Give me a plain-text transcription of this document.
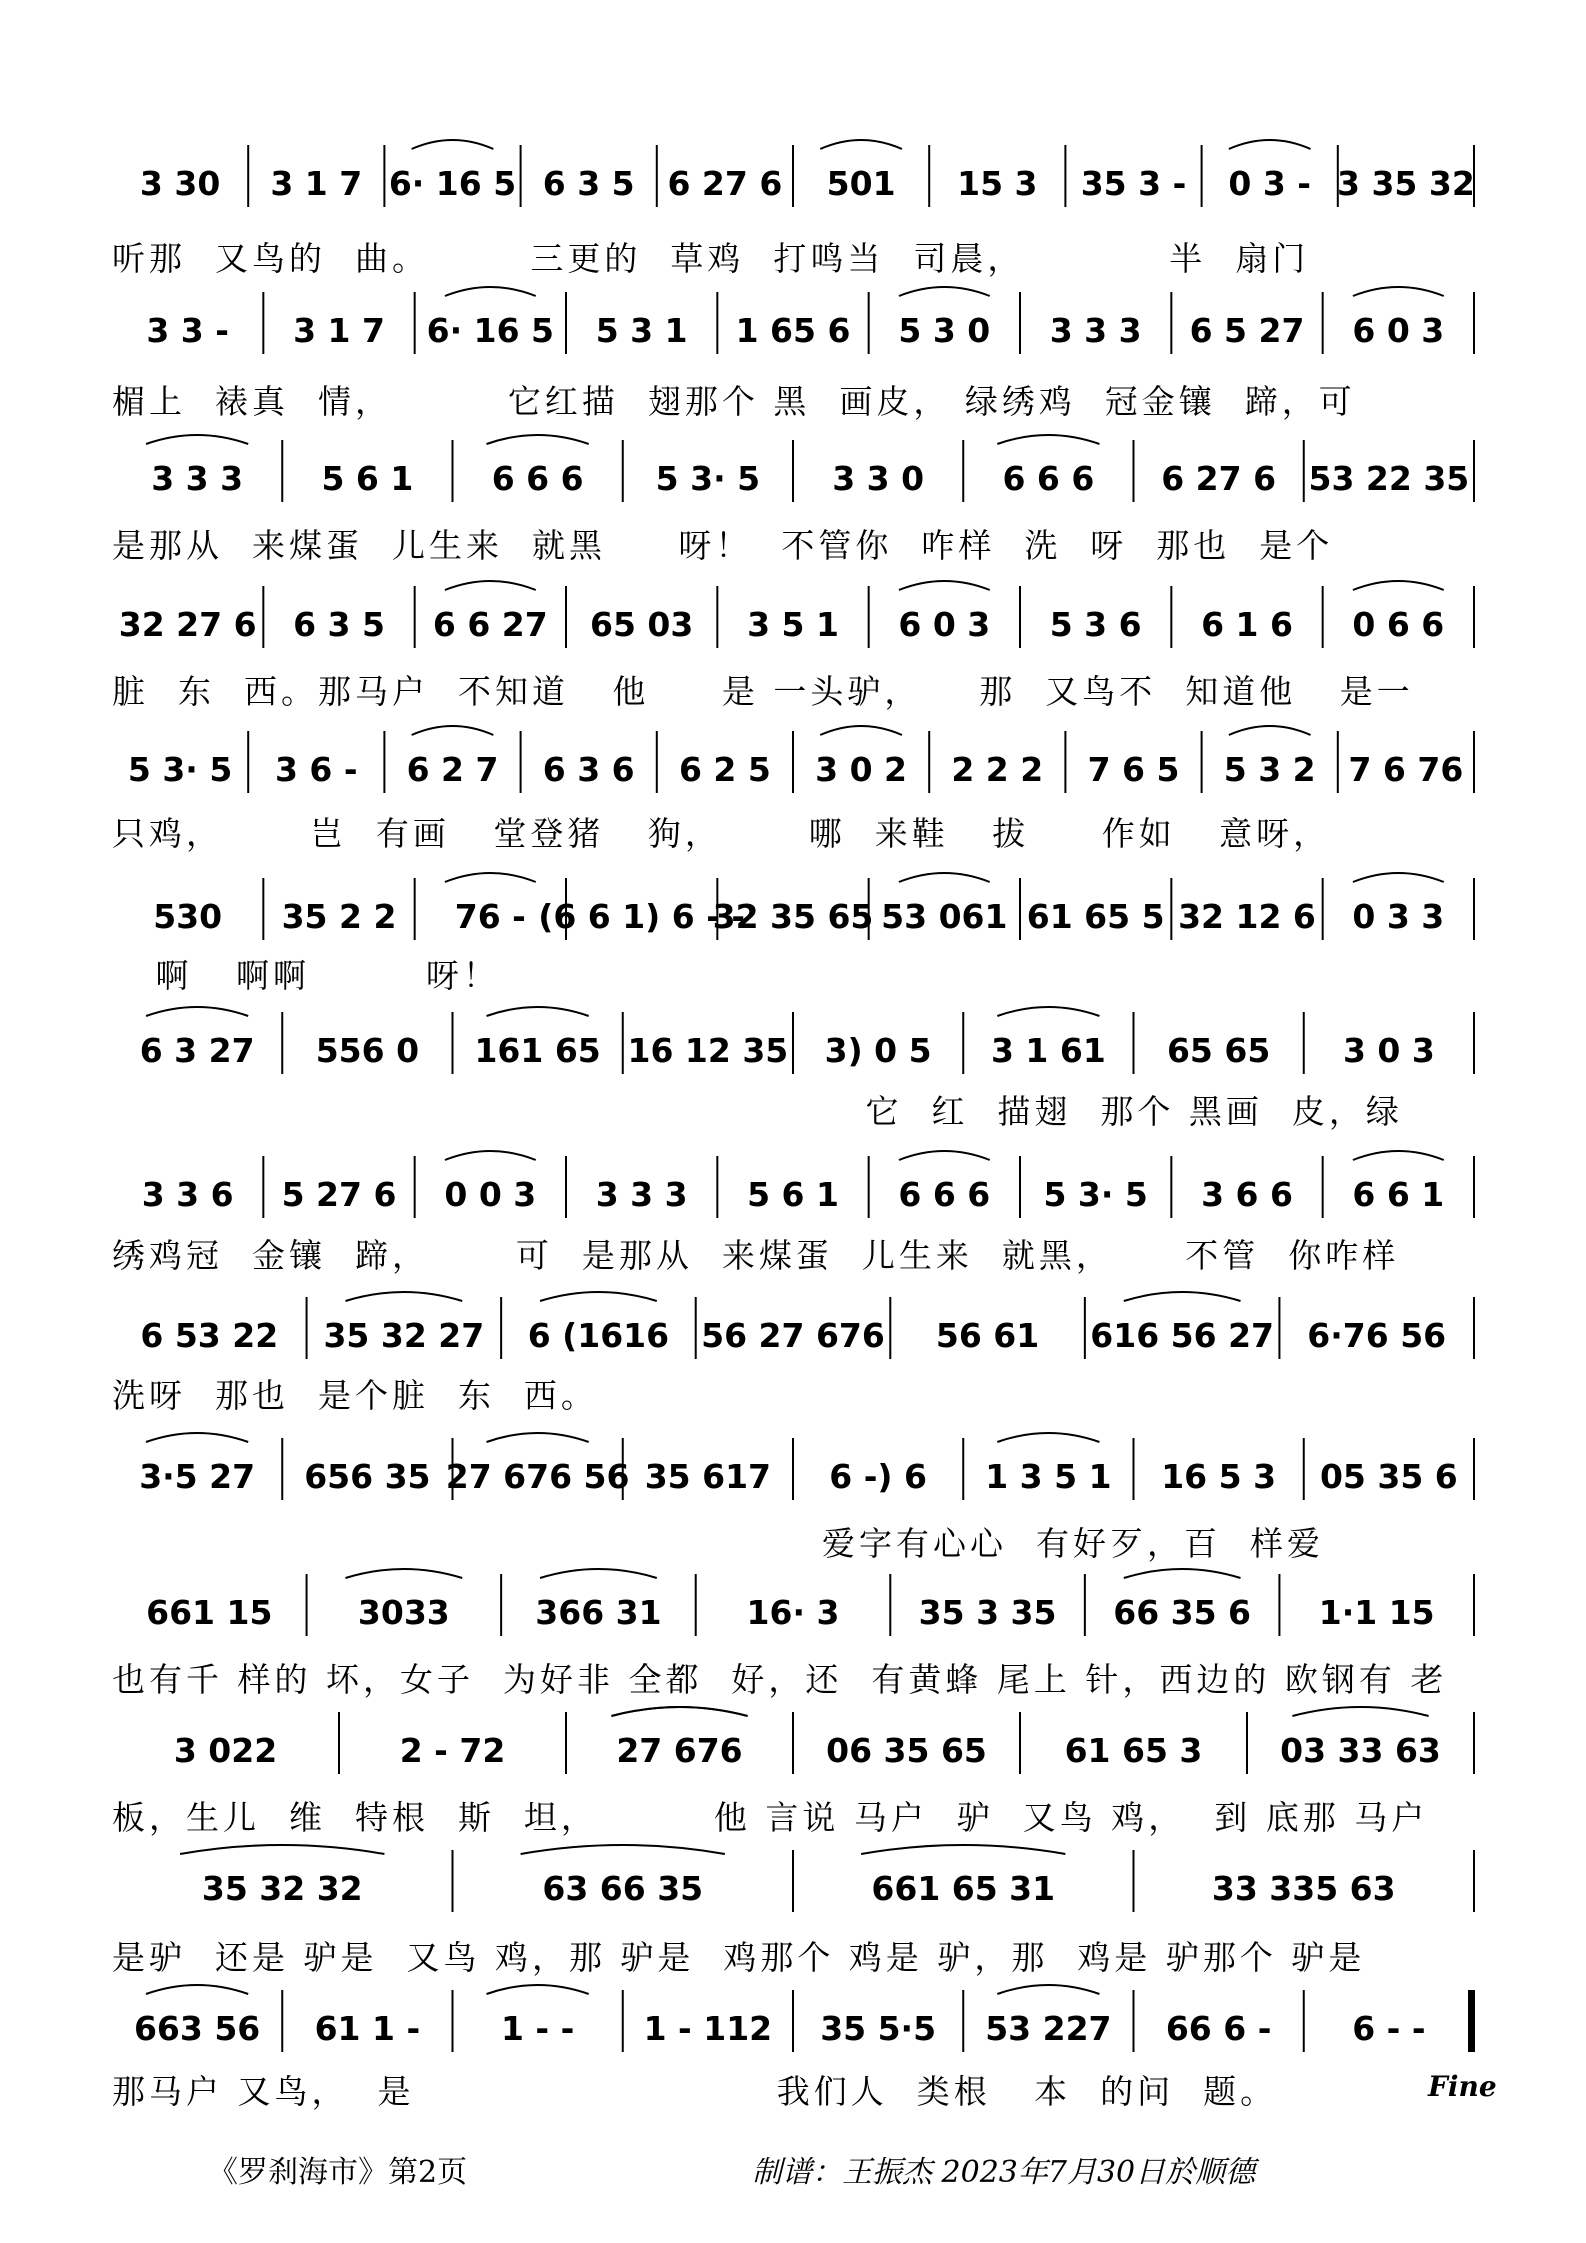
3 30 3 1 7 6· 16 5 6 3 5 6 27 6 501 15 3 35 3 - 0 3 - 3 35 32
3 3 - 3 1 7 6· 16 5 5 3 1 1 65 6 5 3 0 3 3 3 6 5 27 6 0 3
3 3 3 5 6 1 6 6 6 5 3· 5 3 3 0 6 6 6 6 27 6 53 22 35
32 27 6 6 3 5 6 6 27 65 03 3 5 1 6 0 3 5 3 6 6 1 6 0 6 6
5 3· 5 3 6 - 6 2 7 6 3 6 6 2 5 3 0 2 2 2 2 7 6 5 5 3 2 7 6 76
530 35 2 2 76 - (6 6 1) 6 - -
32 35 65 53 061 61 65 5 32 12 6 0 3 3
6 3 27 556 0 161 65 16 12 35 3) 0 5 3 1 61 65 65 3 0 3
3 3 6 5 27 6 0 0 3 3 3 3 5 6 1 6 6 6 5 3· 5 3 6 6 6 6 1
6 53 22 35 32 27 6 (1616 56 27 676 56 61 616 56 27 6·76 56
3·5 27 656 35 27 676 56 35 617 6 -) 6 1 3 5 1 16 5 3 05 35 6
661 15	3033	366 31	16· 3 35 3 35 66 35 6 1·1 15
3 022	2 - 72	27 676	06 35 65 61 65 3 03 33 63
35 32 32	63 66 35	661 65 31	33 335 63
663 56 61 1 - 1 - - 1 - 112 35 5·5 53 227 66 6 - 6 - -
听那  又鸟的  曲。       三更的  草鸡  打鸣当  司晨，          半  扇门
楣上  裱真  情，        它红描  翅那个 黑  画皮， 绿绣鸡  冠金镶  蹄，可
是那从  来煤蛋  儿生来  就黑     呀！  不管你  咋样  洗  呀  那也  是个
脏  东  西。那马户  不知道   他     是 一头驴，    那  又鸟不  知道他   是一
只鸡，      岂  有画   堂登猪   狗，      哪  来鞋   拔     作如   意呀，
啊   啊啊        呀！
它  红  描翅  那个 黑画  皮，绿
绣鸡冠  金镶  蹄，      可  是那从  来煤蛋  儿生来  就黑，     不管  你咋样
洗呀  那也  是个脏  东  西。
爱字有心心  有好歹，百  样爱
也有千 样的 坏，女子  为好非 全都  好，还  有黄蜂 尾上 针，西边的 欧钢有 老
板，生儿  维  特根  斯  坦，        他 言说 马户  驴  又鸟 鸡，  到 底那 马户
是驴  还是 驴是  又鸟 鸡，那 驴是  鸡那个 鸡是 驴，那  鸡是 驴那个 驴是
那马户 又鸟，  是                         我们人  类根   本  的问  题。	Fine
《罗刹海市》第2页	制谱：王振杰 2023年7月30日於顺德
